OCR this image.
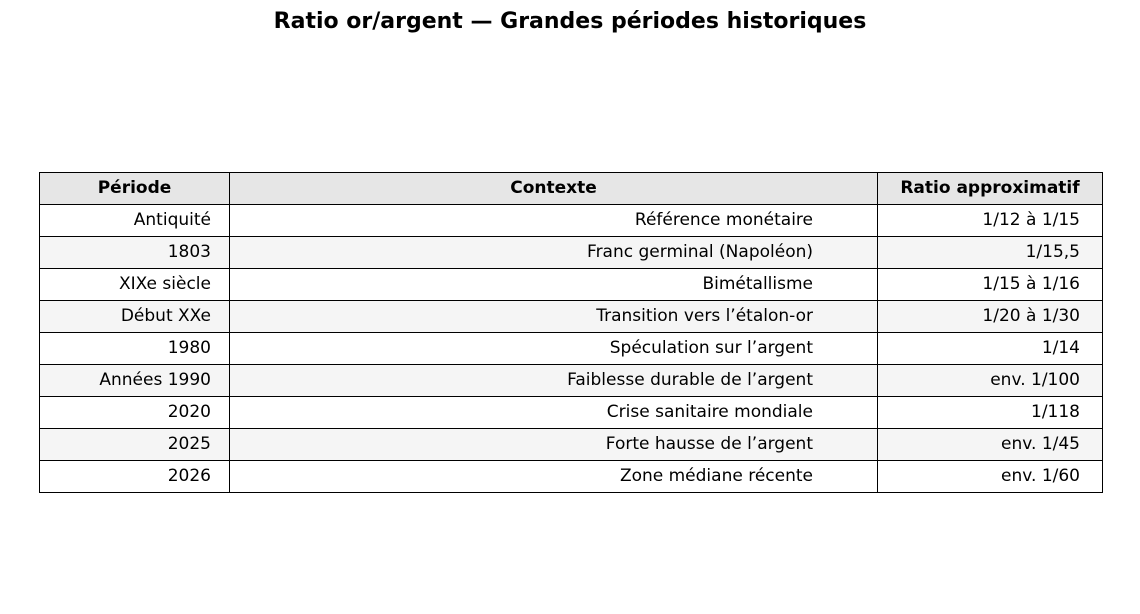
Ratio or/argent — Grandes périodes historiques
Période	Contexte	Ratio approximatif
Antiquité	Référence monétaire	1/12 à 1/15
1803	Franc germinal (Napoléon)	1/15,5
XIXe siècle	Bimétallisme	1/15 à 1/16
Début XXe	Transition vers l’étalon-or	1/20 à 1/30
1980	Spéculation sur l’argent	1/14
Années 1990	Faiblesse durable de l’argent	env. 1/100
2020	Crise sanitaire mondiale	1/118
2025	Forte hausse de l’argent	env. 1/45
2026	Zone médiane récente	env. 1/60
